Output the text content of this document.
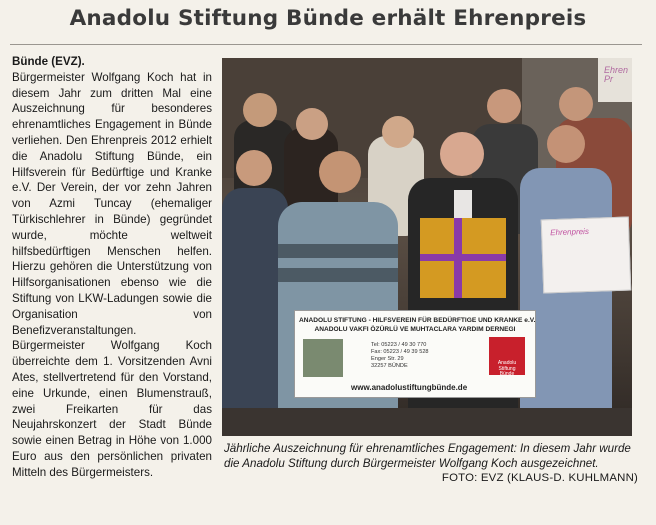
Anadolu Stiftung Bünde erhält Ehrenpreis
Bünde (EVZ).
Bürgermeister Wolfgang Koch hat in diesem Jahr zum dritten Mal eine Auszeichnung für besonderes ehrenamtliches Engagement in Bünde verliehen. Den Ehrenpreis 2012 erhielt die Anadolu Stiftung Bünde, ein Hilfsverein für Bedürftige und Kranke e.V. Der Verein, der vor zehn Jahren von Azmi Tuncay (ehemaliger Türkischlehrer in Bünde) gegründet wurde, möchte weltweit hilfsbedürftigen Menschen helfen. Hierzu gehören die Unterstützung von Hilfsorganisationen ebenso wie die Stiftung von LKW-Ladungen sowie die Organisation von Benefizveranstaltungen. Bürgermeister Wolfgang Koch überreichte dem 1. Vorsitzenden Avni Ates, stellvertretend für den Vorstand, eine Urkunde, einen Blumenstrauß, zwei Freikarten für das Neujahrskonzert der Stadt Bünde sowie einen Betrag in Höhe von 1.000 Euro aus den persönlichen privaten Mitteln des Bürgermeisters.
Ehren Pr
Ehrenpreis
ANADOLU STIFTUNG - HILFSVEREIN FÜR BEDÜRFTIGE UND KRANKE e.V.
ANADOLU VAKFI ÖZÜRLÜ VE MUHTACLARA YARDIM DERNEGI
Tel: 05223 / 49 30 770
Fax: 05223 / 49 39 528
Enger Str. 29
32257 BÜNDE	Anadolu
Stiftung
Bünde
www.anadolustiftungbünde.de
Jährliche Auszeichnung für ehrenamtliches Engagement: In diesem Jahr wurde die Anadolu Stiftung durch Bürgermeister Wolfgang Koch ausgezeichnet.
FOTO: EVZ (KLAUS-D. KUHLMANN)
